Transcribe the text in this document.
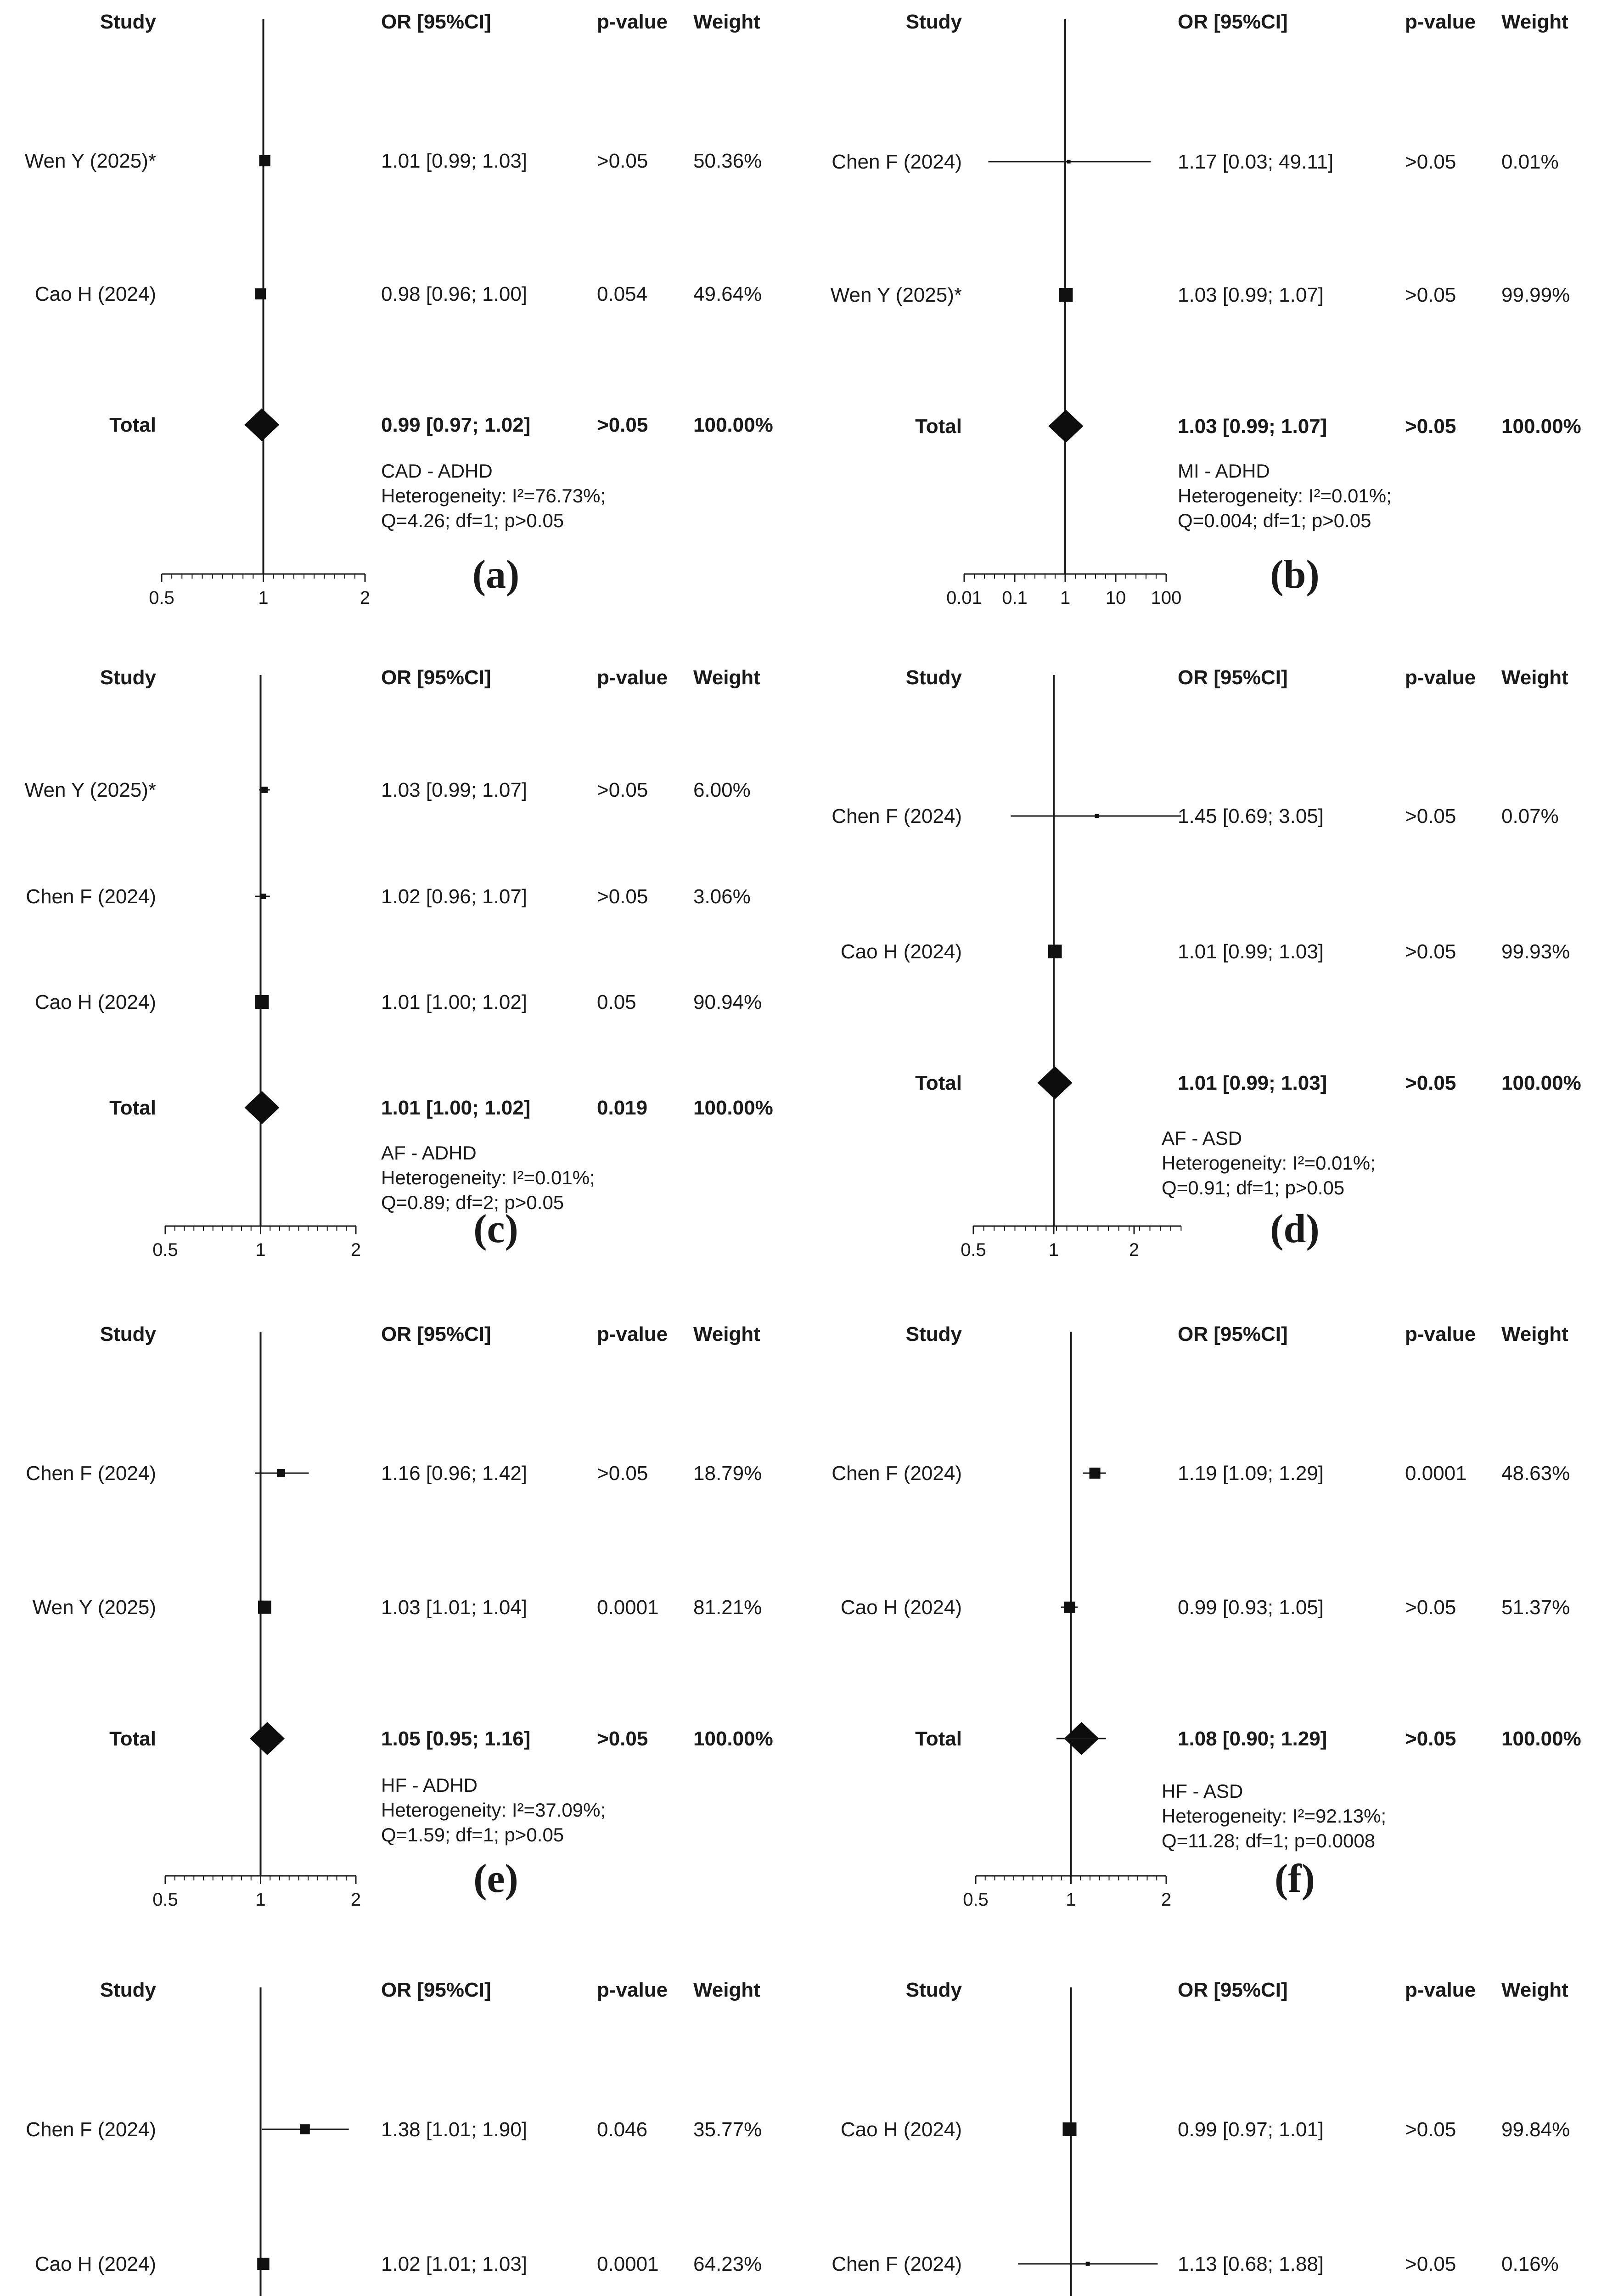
Study	OR [95%CI]	p-value Weight
0.5	1	2
Wen Y (2025)*	1.01 [0.99; 1.03]	>0.05 50.36%
Cao H (2024)	0.98 [0.96; 1.00]	0.054 49.64%
Total	0.99 [0.97; 1.02]	>0.05 100.00%
CAD - ADHD
Heterogeneity: I²=76.73%;
Q=4.26; df=1; p>0.05
(a)
Study	OR [95%CI]	p-value Weight
0.01 0.1 1 10 100
Chen F (2024)	1.17 [0.03; 49.11]	>0.05 0.01%
Wen Y (2025)*	1.03 [0.99; 1.07]	>0.05 99.99%
Total	1.03 [0.99; 1.07]	>0.05 100.00%
MI - ADHD
Heterogeneity: I²=0.01%;
Q=0.004; df=1; p>0.05
(b)
Study	OR [95%CI]	p-value Weight
0.5	1	2
Wen Y (2025)*	1.03 [0.99; 1.07]	>0.05 6.00%
Chen F (2024)	1.02 [0.96; 1.07]	>0.05 3.06%
Cao H (2024)	1.01 [1.00; 1.02]	0.05	90.94%
Total	1.01 [1.00; 1.02]	0.019 100.00%
AF - ADHD
Heterogeneity: I²=0.01%;
Q=0.89; df=2; p>0.05
(c)
Study	OR [95%CI]	p-value Weight
0.5	1	2
Chen F (2024)	1.45 [0.69; 3.05]	>0.05 0.07%
Cao H (2024)	1.01 [0.99; 1.03]	>0.05 99.93%
Total	1.01 [0.99; 1.03]	>0.05 100.00%
AF - ASD
Heterogeneity: I²=0.01%;
Q=0.91; df=1; p>0.05
(d)
Study	OR [95%CI]	p-value Weight
0.5	1	2
Chen F (2024)	1.16 [0.96; 1.42]	>0.05 18.79%
Wen Y (2025)	1.03 [1.01; 1.04]	0.0001 81.21%
Total	1.05 [0.95; 1.16]	>0.05 100.00%
HF - ADHD
Heterogeneity: I²=37.09%;
Q=1.59; df=1; p>0.05
(e)
Study	OR [95%CI]	p-value Weight
0.5	1	2
Chen F (2024)	1.19 [1.09; 1.29]	0.0001 48.63%
Cao H (2024)	0.99 [0.93; 1.05]	>0.05 51.37%
Total	1.08 [0.90; 1.29]	>0.05 100.00%
HF - ASD
Heterogeneity: I²=92.13%;
Q=11.28; df=1; p=0.0008
(f)
Study	OR [95%CI]	p-value Weight
Chen F (2024)	1.38 [1.01; 1.90]	0.046 35.77%
Cao H (2024)	1.02 [1.01; 1.03]	0.0001 64.23%
Study	OR [95%CI]	p-value Weight
Cao H (2024)	0.99 [0.97; 1.01]	>0.05 99.84%
Chen F (2024)	1.13 [0.68; 1.88]	>0.05 0.16%
